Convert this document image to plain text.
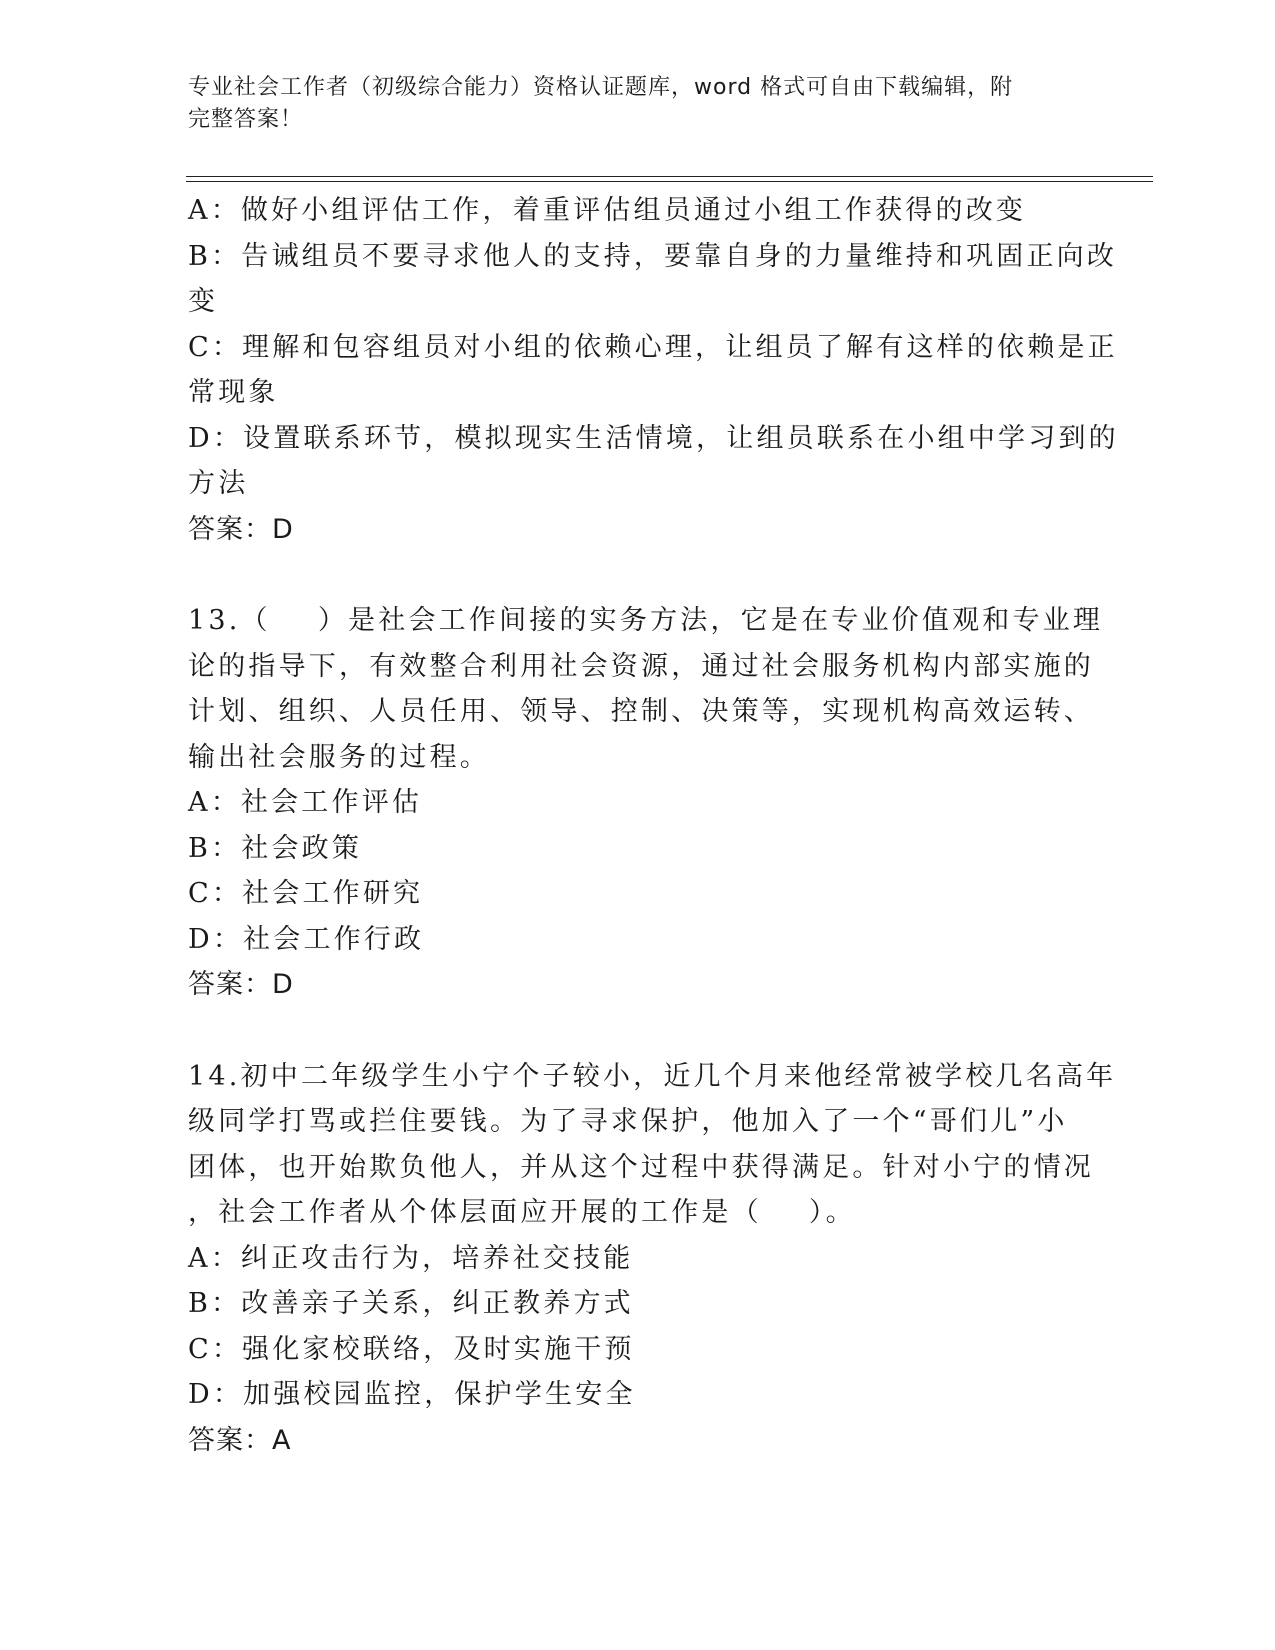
专业社会工作者（初级综合能力）资格认证题库，word 格式可自由下载编辑，附
完整答案！
A：做好小组评估工作，着重评估组员通过小组工作获得的改变
B：告诫组员不要寻求他人的支持，要靠自身的力量维持和巩固正向改
变
C：理解和包容组员对小组的依赖心理，让组员了解有这样的依赖是正
常现象
D：设置联系环节，模拟现实生活情境，让组员联系在小组中学习到的
方法
答案：D
13.（    ）是社会工作间接的实务方法，它是在专业价值观和专业理
论的指导下，有效整合利用社会资源，通过社会服务机构内部实施的
计划、组织、人员任用、领导、控制、决策等，实现机构高效运转、
输出社会服务的过程。
A：社会工作评估
B：社会政策
C：社会工作研究
D：社会工作行政
答案：D
14.初中二年级学生小宁个子较小，近几个月来他经常被学校几名高年
级同学打骂或拦住要钱。为了寻求保护，他加入了一个“哥们儿”小
团体，也开始欺负他人，并从这个过程中获得满足。针对小宁的情况
，社会工作者从个体层面应开展的工作是（    ）。
A：纠正攻击行为，培养社交技能
B：改善亲子关系，纠正教养方式
C：强化家校联络，及时实施干预
D：加强校园监控，保护学生安全
答案：A
